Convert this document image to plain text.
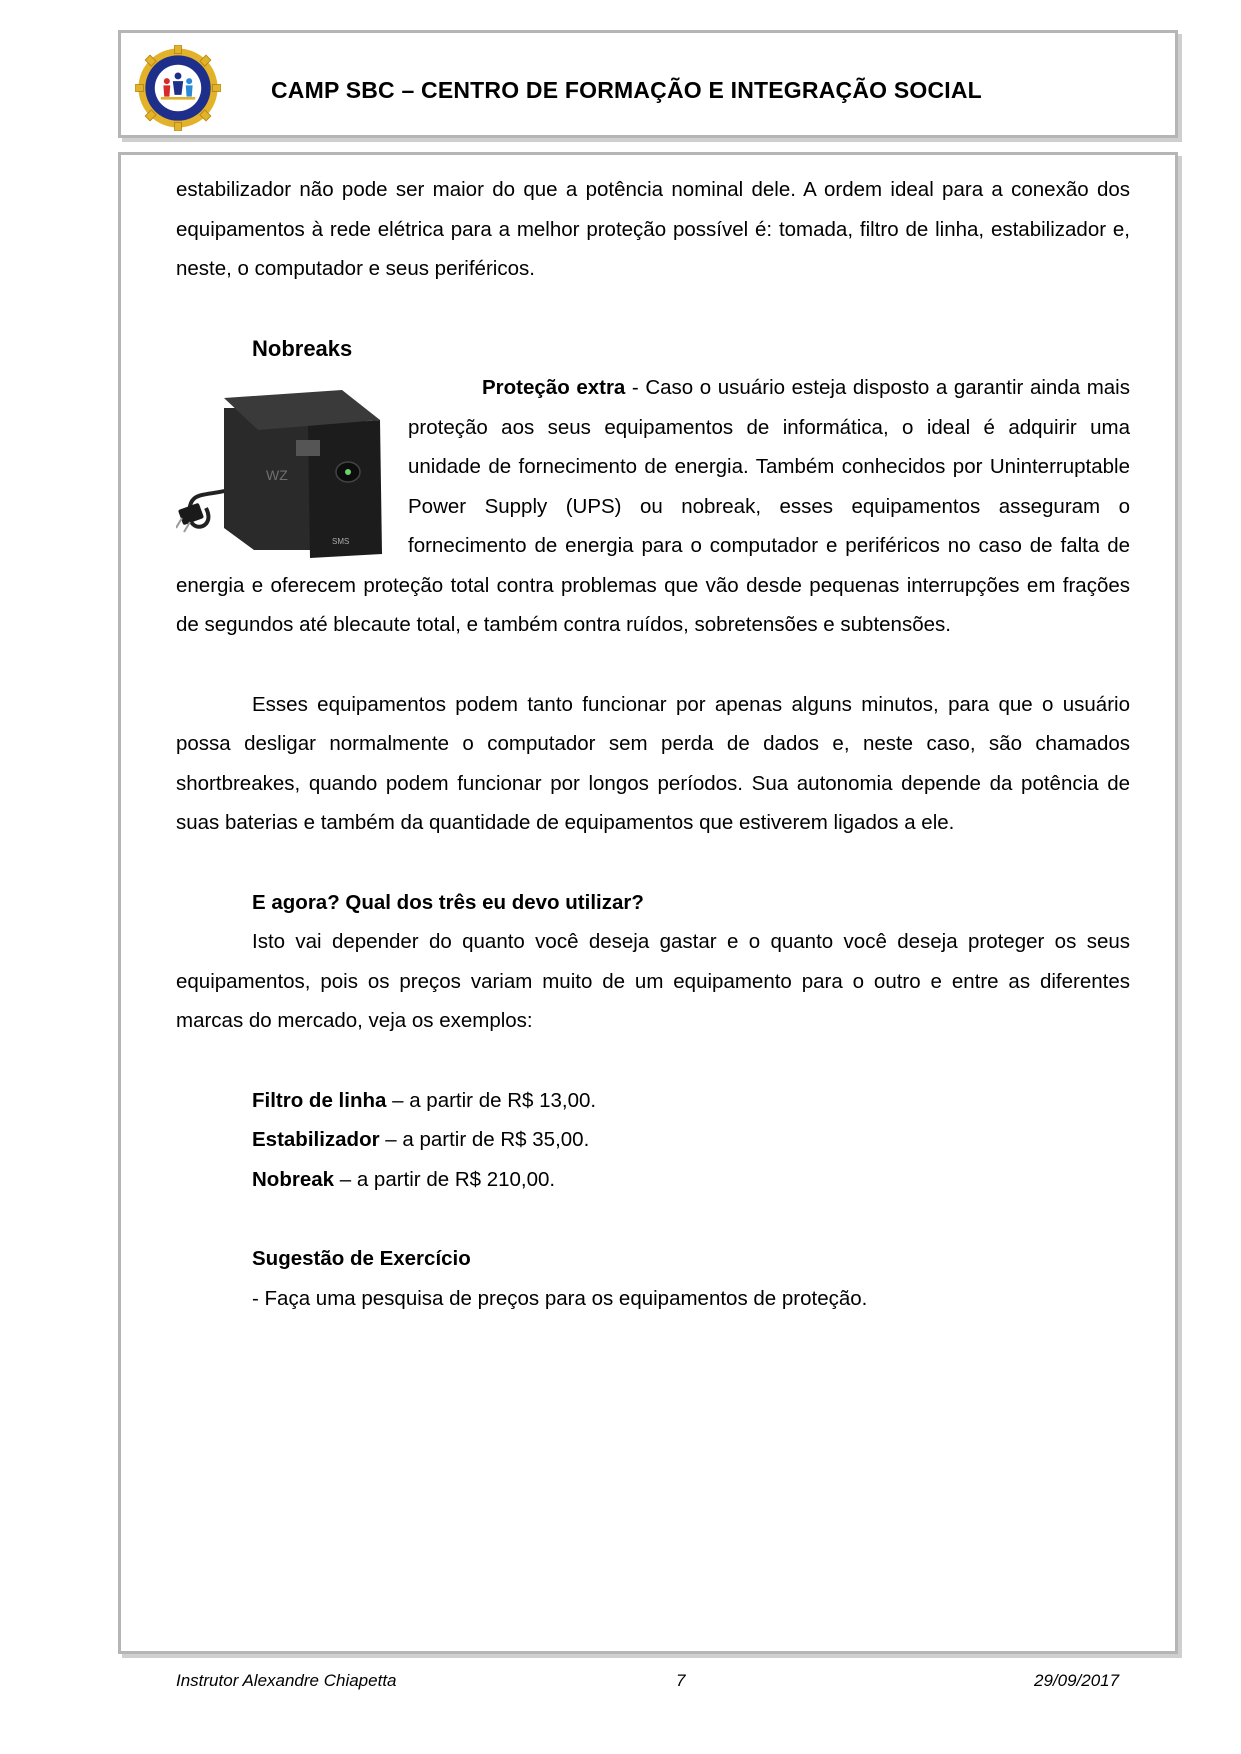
CAMP SBC – CENTRO DE FORMAÇÃO E INTEGRAÇÃO SOCIAL

estabilizador não pode ser maior do que a potência nominal dele. A ordem ideal para a conexão dos equipamentos à rede elétrica para a melhor proteção possível é: tomada, filtro de linha, estabilizador e, neste, o computador e seus periféricos.

Nobreaks
SMS
WZ

Proteção extra - Caso o usuário esteja disposto a garantir ainda mais proteção aos seus equipamentos de informática, o ideal é adquirir uma unidade de fornecimento de energia. Também conhecidos por Uninterruptable Power Supply (UPS) ou nobreak, esses equipamentos asseguram o fornecimento de energia para o computador e periféricos no caso de falta de energia e oferecem proteção total contra problemas que vão desde pequenas interrupções em frações de segundos até blecaute total, e também contra ruídos, sobretensões e subtensões.

Esses equipamentos podem tanto funcionar por apenas alguns minutos, para que o usuário possa desligar normalmente o computador sem perda de dados e, neste caso, são chamados shortbreakes, quando podem funcionar por longos períodos. Sua autonomia depende da potência de suas baterias e também da quantidade de equipamentos que estiverem ligados a ele.

E agora? Qual dos três eu devo utilizar?

Isto vai depender do quanto você deseja gastar e o quanto você deseja proteger os seus equipamentos, pois os preços variam muito de um equipamento para o outro e entre as diferentes marcas do mercado, veja os exemplos:

Filtro de linha – a partir de R$ 13,00.
Estabilizador – a partir de R$ 35,00.
Nobreak – a partir de R$ 210,00.
Sugestão de Exercício
- Faça uma pesquisa de preços para os equipamentos de proteção.
Instrutor Alexandre Chiapetta	7	29/09/2017
